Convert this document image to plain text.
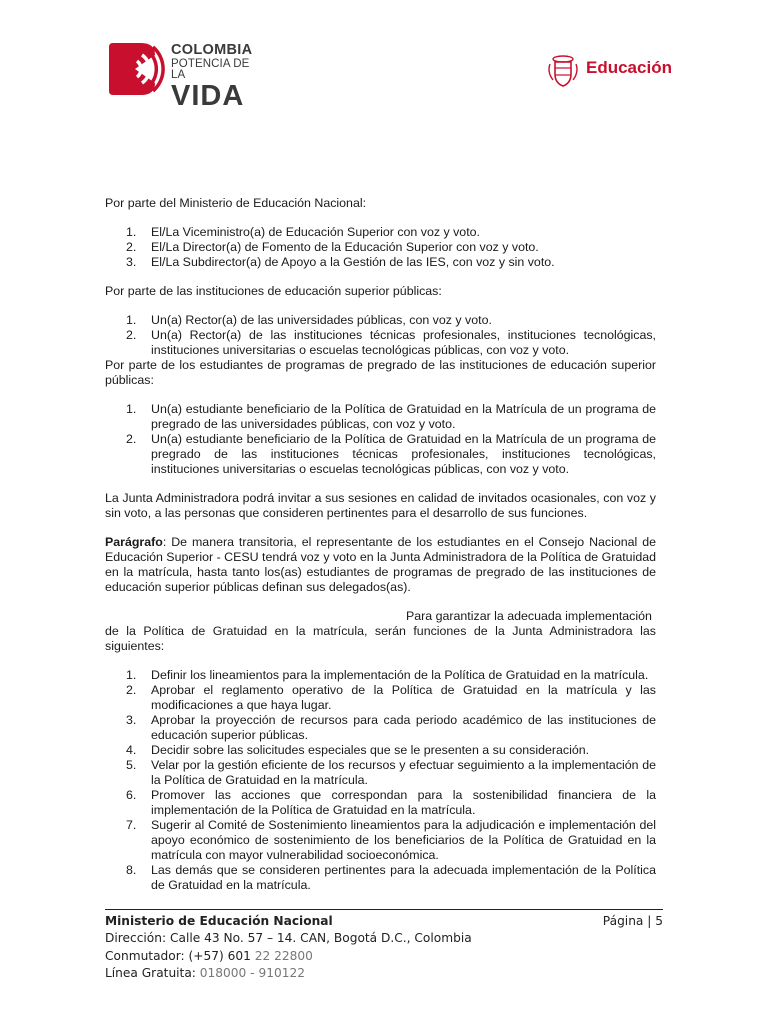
COLOMBIA
POTENCIA DE LA
VIDA
Educación

Por parte del Ministerio de Educación Nacional:

1. El/La Viceministro(a) de Educación Superior con voz y voto.
2. El/La Director(a) de Fomento de la Educación Superior con voz y voto.
3. El/La Subdirector(a) de Apoyo a la Gestión de las IES, con voz y sin voto.

Por parte de las instituciones de educación superior públicas:

1. Un(a) Rector(a) de las universidades públicas, con voz y voto.
2. Un(a) Rector(a) de las instituciones técnicas profesionales, instituciones tecnológicas, instituciones universitarias o escuelas tecnológicas públicas, con voz y voto.

Por parte de los estudiantes de programas de pregrado de las instituciones de educación superior públicas:

1. Un(a) estudiante beneficiario de la Política de Gratuidad en la Matrícula de un programa de pregrado de las universidades públicas, con voz y voto.
2. Un(a) estudiante beneficiario de la Política de Gratuidad en la Matrícula de un programa de pregrado de las instituciones técnicas profesionales, instituciones tecnológicas, instituciones universitarias o escuelas tecnológicas públicas, con voz y voto.

La Junta Administradora podrá invitar a sus sesiones en calidad de invitados ocasionales, con voz y sin voto, a las personas que consideren pertinentes para el desarrollo de sus funciones.

Parágrafo: De manera transitoria, el representante de los estudiantes en el Consejo Nacional de Educación Superior - CESU tendrá voz y voto en la Junta Administradora de la Política de Gratuidad en la matrícula, hasta tanto los(as) estudiantes de programas de pregrado de las instituciones de educación superior públicas definan sus delegados(as).

Para garantizar la adecuada implementación

de la Política de Gratuidad en la matrícula, serán funciones de la Junta Administradora las siguientes:

1. Definir los lineamientos para la implementación de la Política de Gratuidad en la matrícula.
2. Aprobar el reglamento operativo de la Política de Gratuidad en la matrícula y las modificaciones a que haya lugar.
3. Aprobar la proyección de recursos para cada periodo académico de las instituciones de educación superior públicas.
4. Decidir sobre las solicitudes especiales que se le presenten a su consideración.
5. Velar por la gestión eficiente de los recursos y efectuar seguimiento a la implementación de la Política de Gratuidad en la matrícula.
6. Promover las acciones que correspondan para la sostenibilidad financiera de la implementación de la Política de Gratuidad en la matrícula.
7. Sugerir al Comité de Sostenimiento lineamientos para la adjudicación e implementación del apoyo económico de sostenimiento de los beneficiarios de la Política de Gratuidad en la matrícula con mayor vulnerabilidad socioeconómica.
8. Las demás que se consideren pertinentes para la adecuada implementación de la Política de Gratuidad en la matrícula.
Ministerio de Educación Nacional	Página | 5
Dirección: Calle 43 No. 57 – 14. CAN, Bogotá D.C., Colombia
Conmutador: (+57) 601 22 22800
Línea Gratuita: 018000 - 910122
